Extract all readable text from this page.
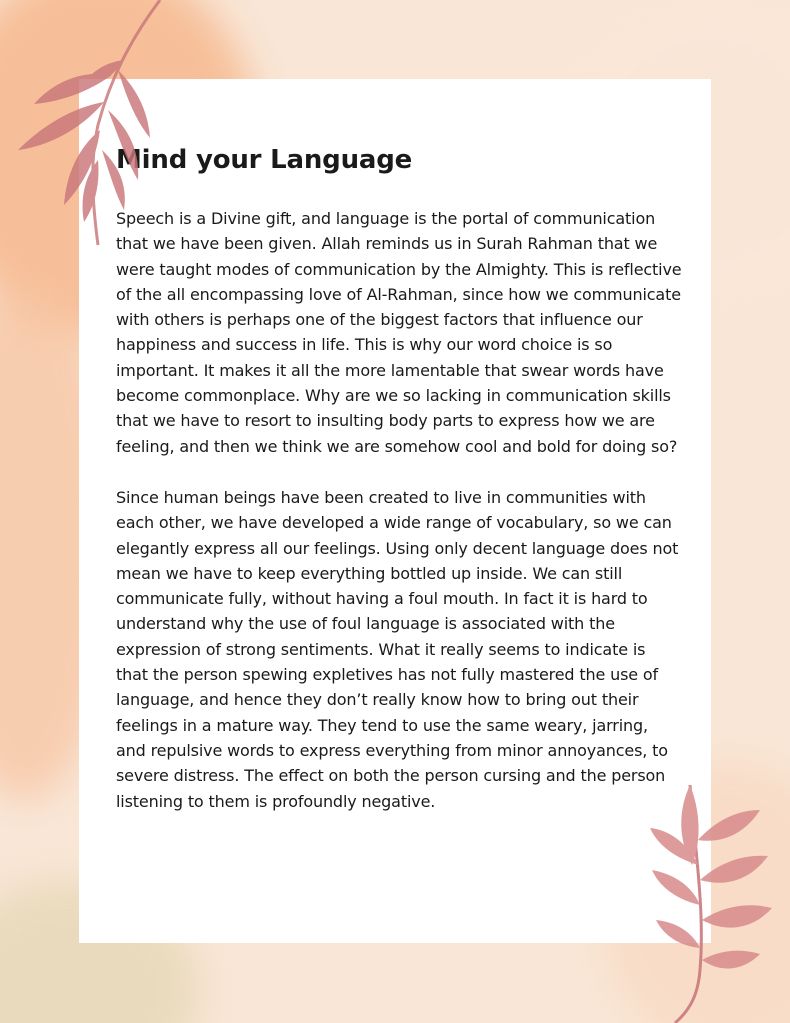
Mind your Language

Speech is a Divine gift, and language is the portal of communication that we have been given. Allah reminds us in Surah Rahman that we were taught modes of communication by the Almighty. This is reflective of the all encompassing love of Al-Rahman, since how we communicate with others is perhaps one of the biggest factors that influence our happiness and success in life. This is why our word choice is so important. It makes it all the more lamentable that swear words have become commonplace. Why are we so lacking in communication skills that we have to resort to insulting body parts to express how we are feeling, and then we think we are somehow cool and bold for doing so?

Since human beings have been created to live in communities with each other, we have developed a wide range of vocabulary, so we can elegantly express all our feelings. Using only decent language does not mean we have to keep everything bottled up inside. We can still communicate fully, without having a foul mouth. In fact it is hard to understand why the use of foul language is associated with the expression of strong sentiments. What it really seems to indicate is that the person spewing expletives has not fully mastered the use of language, and hence they don’t really know how to bring out their feelings in a mature way. They tend to use the same weary, jarring, and repulsive words to express everything from minor annoyances, to severe distress. The effect on both the person cursing and the person listening to them is profoundly negative.
